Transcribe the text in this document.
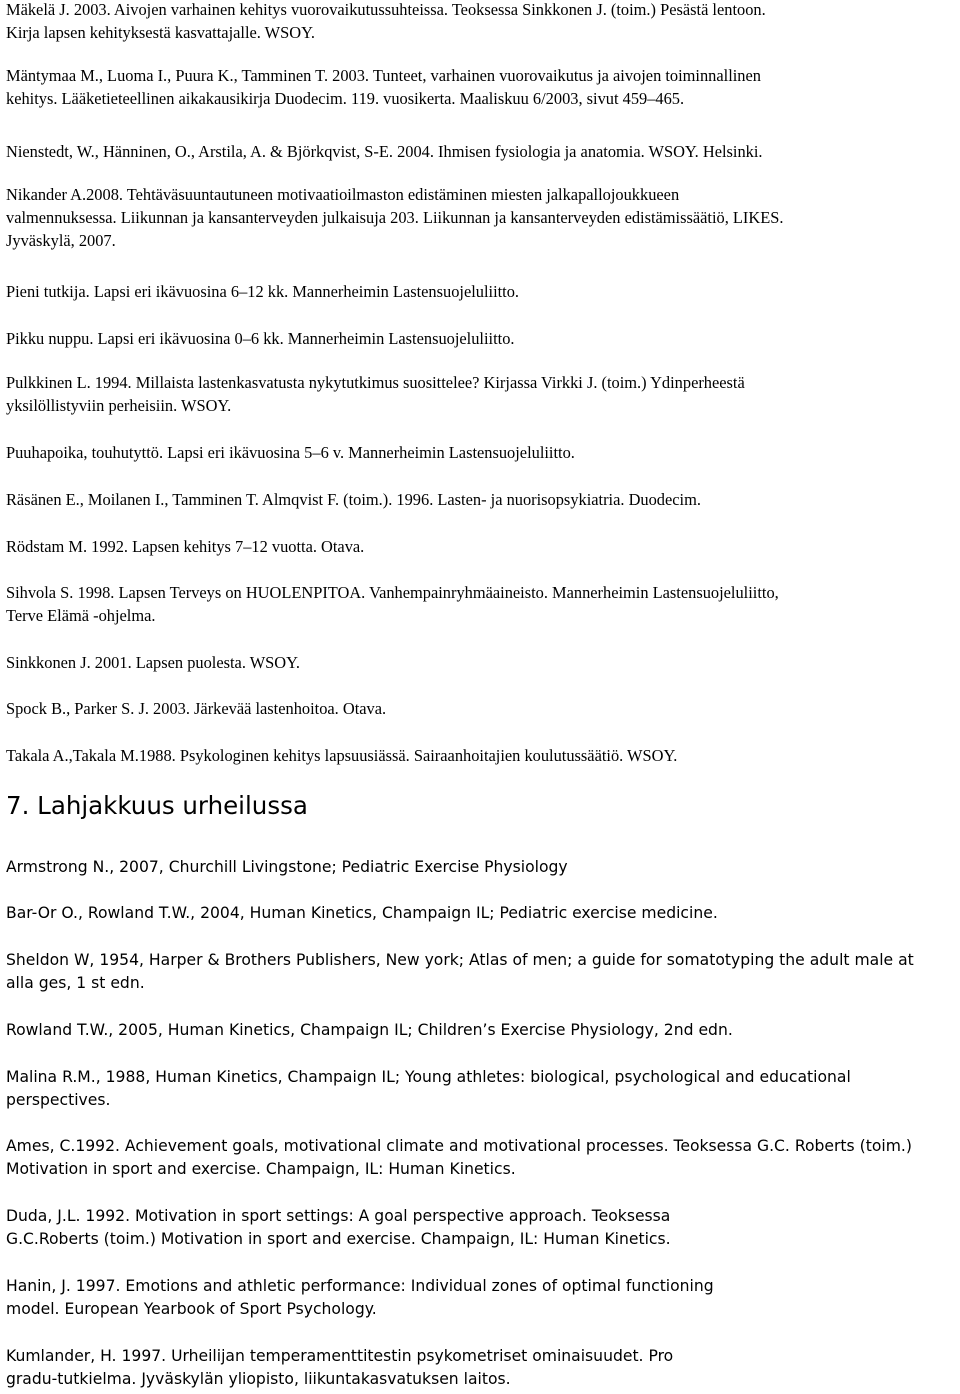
Mäkelä J. 2003. Aivojen varhainen kehitys vuorovaikutussuhteissa. Teoksessa Sinkkonen J. (toim.) Pesästä lentoon.
Kirja lapsen kehityksestä kasvattajalle. WSOY.

Mäntymaa M., Luoma I., Puura K., Tamminen T. 2003. Tunteet, varhainen vuorovaikutus ja aivojen toiminnallinen
kehitys. Lääketieteellinen aikakausikirja Duodecim. 119. vuosikerta. Maaliskuu 6/2003, sivut 459–465.

Nienstedt, W., Hänninen, O., Arstila, A. & Björkqvist, S-E. 2004. Ihmisen fysiologia ja anatomia. WSOY. Helsinki.

Nikander A.2008. Tehtäväsuuntautuneen motivaatioilmaston edistäminen miesten jalkapallojoukkueen
valmennuksessa. Liikunnan ja kansanterveyden julkaisuja 203. Liikunnan ja kansanterveyden edistämissäätiö, LIKES.
Jyväskylä, 2007.

Pieni tutkija. Lapsi eri ikävuosina 6–12 kk. Mannerheimin Lastensuojeluliitto.

Pikku nuppu. Lapsi eri ikävuosina 0–6 kk. Mannerheimin Lastensuojeluliitto.

Pulkkinen L. 1994. Millaista lastenkasvatusta nykytutkimus suosittelee? Kirjassa Virkki J. (toim.) Ydinperheestä
yksilöllistyviin perheisiin. WSOY.

Puuhapoika, touhutyttö. Lapsi eri ikävuosina 5–6 v. Mannerheimin Lastensuojeluliitto.

Räsänen E., Moilanen I., Tamminen T. Almqvist F. (toim.). 1996. Lasten- ja nuorisopsykiatria. Duodecim.

Rödstam M. 1992. Lapsen kehitys 7–12 vuotta. Otava.

Sihvola S. 1998. Lapsen Terveys on HUOLENPITOA. Vanhempainryhmäaineisto. Mannerheimin Lastensuojeluliitto,
Terve Elämä -ohjelma.

Sinkkonen J. 2001. Lapsen puolesta. WSOY.

Spock B., Parker S. J. 2003. Järkevää lastenhoitoa. Otava.

Takala A.,Takala M.1988. Psykologinen kehitys lapsuusiässä. Sairaanhoitajien koulutussäätiö. WSOY.

7. Lahjakkuus urheilussa

Armstrong N., 2007, Churchill Livingstone; Pediatric Exercise Physiology

Bar-Or O., Rowland T.W., 2004, Human Kinetics, Champaign IL; Pediatric exercise medicine.

Sheldon W, 1954, Harper & Brothers Publishers, New york; Atlas of men; a guide for somatotyping the adult male at
alla ges, 1 st edn.

Rowland T.W., 2005, Human Kinetics, Champaign IL; Children’s Exercise Physiology, 2nd edn.

Malina R.M., 1988, Human Kinetics, Champaign IL; Young athletes: biological, psychological and educational
perspectives.

Ames, C.1992. Achievement goals, motivational climate and motivational processes. Teoksessa G.C. Roberts (toim.)
Motivation in sport and exercise. Champaign, IL: Human Kinetics.

Duda, J.L. 1992. Motivation in sport settings: A goal perspective approach. Teoksessa
G.C.Roberts (toim.) Motivation in sport and exercise. Champaign, IL: Human Kinetics.

Hanin, J. 1997. Emotions and athletic performance: Individual zones of optimal functioning
model. European Yearbook of Sport Psychology.

Kumlander, H. 1997. Urheilijan temperamenttitestin psykometriset ominaisuudet. Pro
gradu-tutkielma. Jyväskylän yliopisto, liikuntakasvatuksen laitos.
